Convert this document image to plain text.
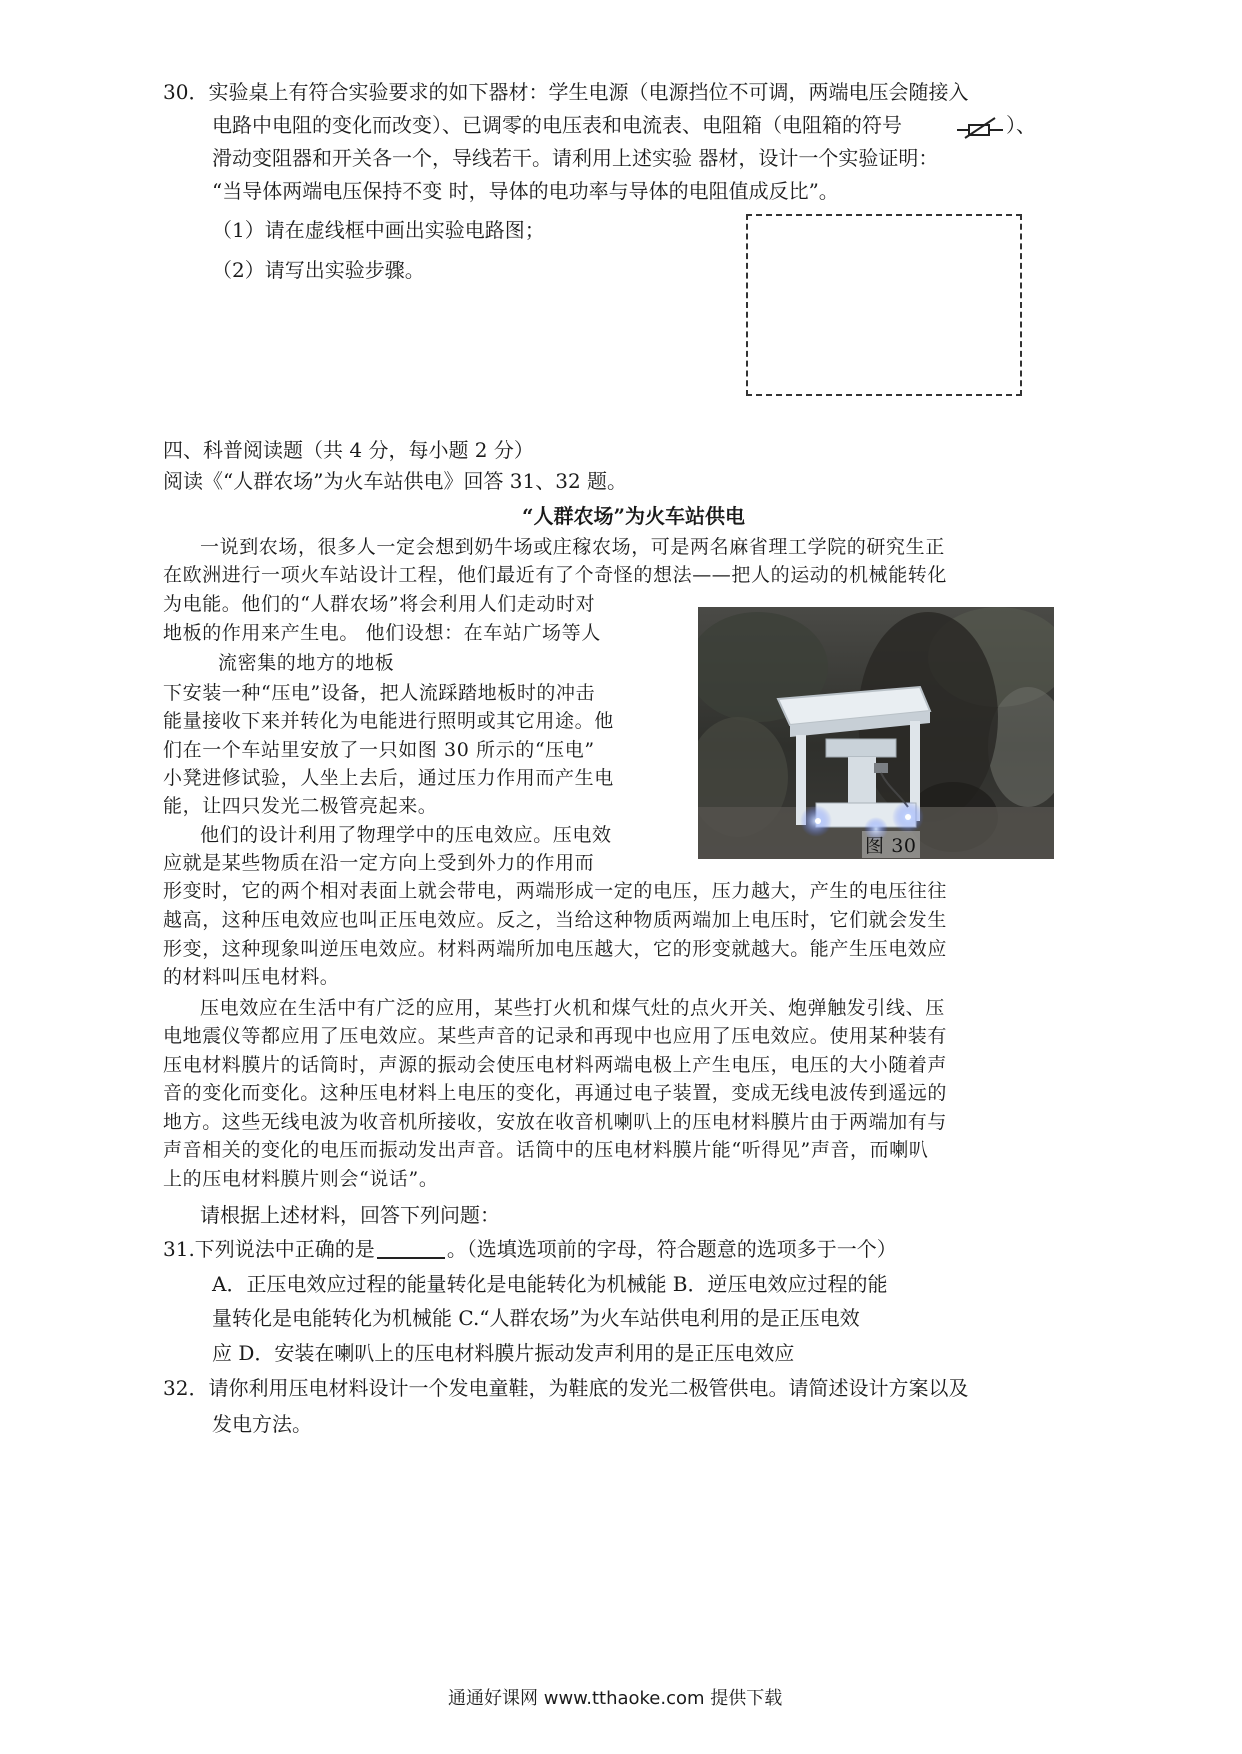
30．实验桌上有符合实验要求的如下器材：学生电源（电源挡位不可调，两端电压会随接入
电路中电阻的变化而改变）、已调零的电压表和电流表、电阻箱（电阻箱的符号	）、
滑动变阻器和开关各一个，导线若干。请利用上述实验 器材，设计一个实验证明：
“当导体两端电压保持不变 时，导体的电功率与导体的电阻值成反比”。
（1）请在虚线框中画出实验电路图；
（2）请写出实验步骤。
四、科普阅读题（共 4 分，每小题 2 分）
阅读《“人群农场”为火车站供电》回答 31、32 题。
“人群农场”为火车站供电
一说到农场，很多人一定会想到奶牛场或庄稼农场，可是两名麻省理工学院的研究生正
在欧洲进行一项火车站设计工程，他们最近有了个奇怪的想法——把人的运动的机械能转化
为电能。他们的“人群农场”将会利用人们走动时对
地板的作用来产生电。 他们设想：在车站广场等人
流密集的地方的地板
下安装一种“压电”设备，把人流踩踏地板时的冲击
能量接收下来并转化为电能进行照明或其它用途。他
们在一个车站里安放了一只如图 30 所示的“压电”
小凳进修试验，人坐上去后，通过压力作用而产生电
能，让四只发光二极管亮起来。
他们的设计利用了物理学中的压电效应。压电效
应就是某些物质在沿一定方向上受到外力的作用而
形变时，它的两个相对表面上就会带电，两端形成一定的电压，压力越大，产生的电压往往
越高，这种压电效应也叫正压电效应。反之，当给这种物质两端加上电压时，它们就会发生
形变，这种现象叫逆压电效应。材料两端所加电压越大，它的形变就越大。能产生压电效应
的材料叫压电材料。
压电效应在生活中有广泛的应用，某些打火机和煤气灶的点火开关、炮弹触发引线、压
电地震仪等都应用了压电效应。某些声音的记录和再现中也应用了压电效应。使用某种装有
压电材料膜片的话筒时，声源的振动会使压电材料两端电极上产生电压，电压的大小随着声
音的变化而变化。这种压电材料上电压的变化，再通过电子装置，变成无线电波传到遥远的
地方。这些无线电波为收音机所接收，安放在收音机喇叭上的压电材料膜片由于两端加有与
声音相关的变化的电压而振动发出声音。话筒中的压电材料膜片能“听得见”声音，而喇叭
上的压电材料膜片则会“说话”。
图 30
请根据上述材料，回答下列问题：
31.下列说法中正确的是	。（选填选项前的字母，符合题意的选项多于一个）
A．正压电效应过程的能量转化是电能转化为机械能 B．逆压电效应过程的能
量转化是电能转化为机械能 C.“人群农场”为火车站供电利用的是正压电效
应 D．安装在喇叭上的压电材料膜片振动发声利用的是正压电效应
32．请你利用压电材料设计一个发电童鞋，为鞋底的发光二极管供电。请简述设计方案以及
发电方法。
通通好课网 www.tthaoke.com 提供下载
